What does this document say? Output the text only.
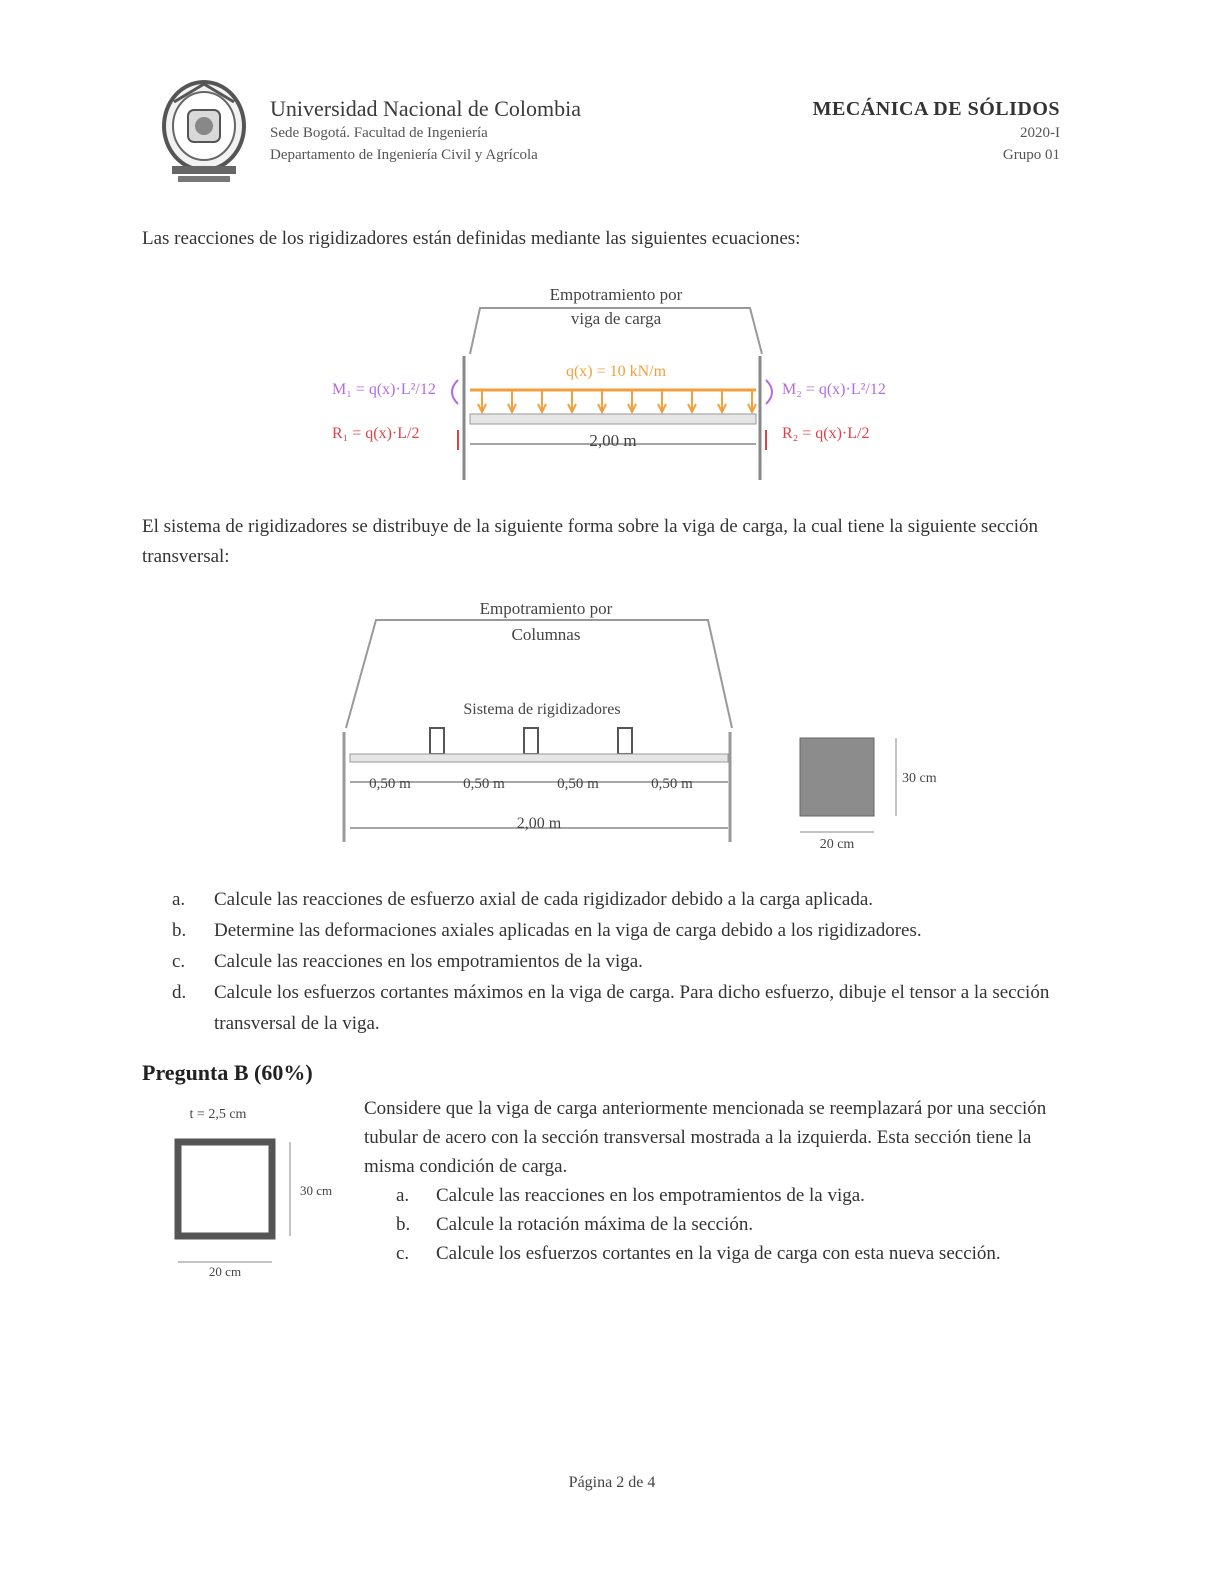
Universidad Nacional de Colombia
Sede Bogotá. Facultad de Ingeniería
Departamento de Ingeniería Civil y Agrícola
MECÁNICA DE SÓLIDOS
2020-I
Grupo 01
Las reacciones de los rigidizadores están definidas mediante las siguientes ecuaciones:
Empotramiento por
viga de carga
q(x) = 10 kN/m
2,00 m
M₁ = q(x)·L²/12
R₁ = q(x)·L/2
M₂ = q(x)·L²/12
R₂ = q(x)·L/2
El sistema de rigidizadores se distribuye de la siguiente forma sobre la viga de carga, la cual tiene la siguiente sección transversal:
Empotramiento por
Columnas
Sistema de rigidizadores
0,50 m	0,50 m	0,50 m	0,50 m
2,00 m
30 cm
20 cm
a.	Calcule las reacciones de esfuerzo axial de cada rigidizador debido a la carga aplicada.
b.	Determine las deformaciones axiales aplicadas en la viga de carga debido a los rigidizadores.
c.	Calcule las reacciones en los empotramientos de la viga.
d.	Calcule los esfuerzos cortantes máximos en la viga de carga. Para dicho esfuerzo, dibuje el tensor a la sección transversal de la viga.
Pregunta B (60%)
t = 2,5 cm
30 cm
20 cm
Considere que la viga de carga anteriormente mencionada se reemplazará por una sección tubular de acero con la sección transversal mostrada a la izquierda. Esta sección tiene la misma condición de carga.
a.	Calcule las reacciones en los empotramientos de la viga.
b.	Calcule la rotación máxima de la sección.
c.	Calcule los esfuerzos cortantes en la viga de carga con esta nueva sección.
Página 2 de 4
